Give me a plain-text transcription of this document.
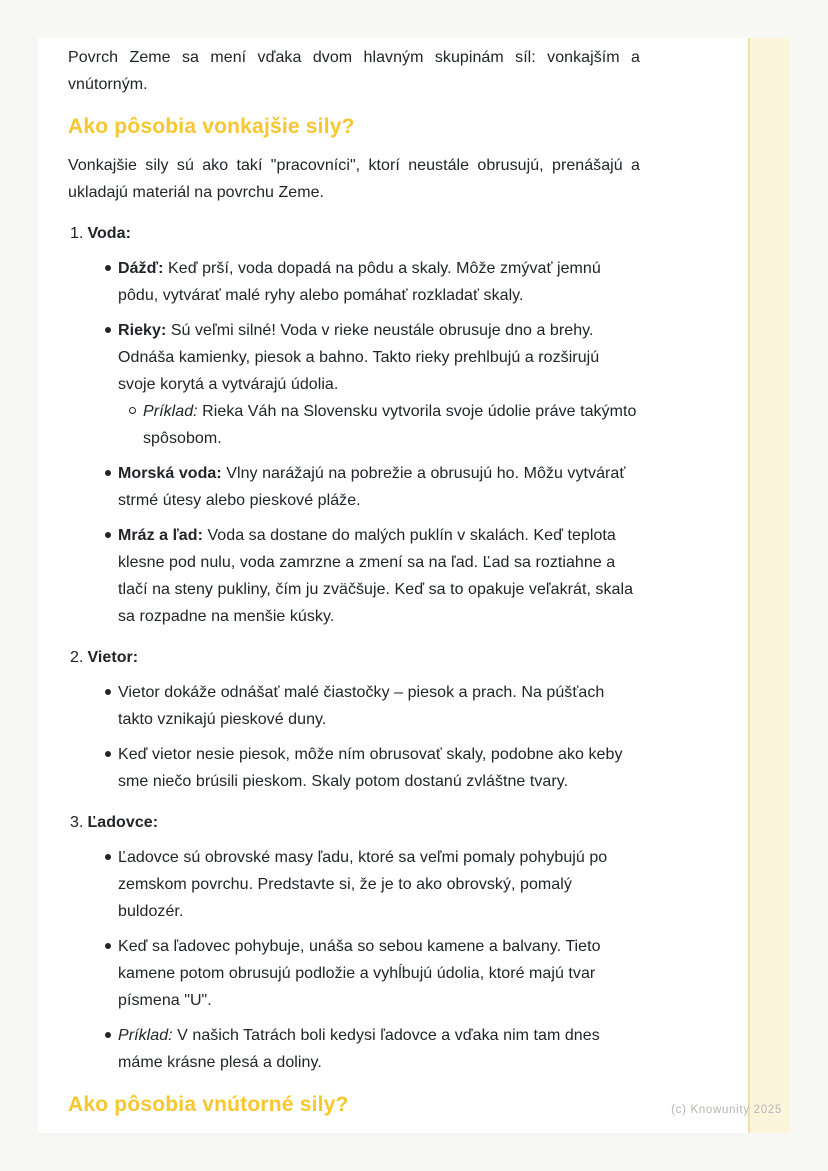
Povrch Zeme sa mení vďaka dvom hlavným skupinám síl: vonkajším a vnútorným.

Ako pôsobia vonkajšie sily?

Vonkajšie sily sú ako takí "pracovníci", ktorí neustále obrusujú, prenášajú a ukladajú materiál na povrchu Zeme.

1. Voda:
Dážď: Keď prší, voda dopadá na pôdu a skaly. Môže zmývať jemnú pôdu, vytvárať malé ryhy alebo pomáhať rozkladať skaly.
Rieky: Sú veľmi silné! Voda v rieke neustále obrusuje dno a brehy. Odnáša kamienky, piesok a bahno. Takto rieky prehlbujú a rozširujú svoje korytá a vytvárajú údolia.
Príklad: Rieka Váh na Slovensku vytvorila svoje údolie práve takýmto spôsobom.
Morská voda: Vlny narážajú na pobrežie a obrusujú ho. Môžu vytvárať strmé útesy alebo pieskové pláže.
Mráz a ľad: Voda sa dostane do malých puklín v skalách. Keď teplota klesne pod nulu, voda zamrzne a zmení sa na ľad. Ľad sa roztiahne a tlačí na steny pukliny, čím ju zväčšuje. Keď sa to opakuje veľakrát, skala sa rozpadne na menšie kúsky.
2. Vietor:
Vietor dokáže odnášať malé čiastočky – piesok a prach. Na púšťach takto vznikajú pieskové duny.
Keď vietor nesie piesok, môže ním obrusovať skaly, podobne ako keby sme niečo brúsili pieskom. Skaly potom dostanú zvláštne tvary.
3. Ľadovce:
Ľadovce sú obrovské masy ľadu, ktoré sa veľmi pomaly pohybujú po zemskom povrchu. Predstavte si, že je to ako obrovský, pomalý buldozér.
Keď sa ľadovec pohybuje, unáša so sebou kamene a balvany. Tieto kamene potom obrusujú podložie a vyhĺbujú údolia, ktoré majú tvar písmena "U".
Príklad: V našich Tatrách boli kedysi ľadovce a vďaka nim tam dnes máme krásne plesá a doliny.
Ako pôsobia vnútorné sily?	(c) Knowunity 2025
